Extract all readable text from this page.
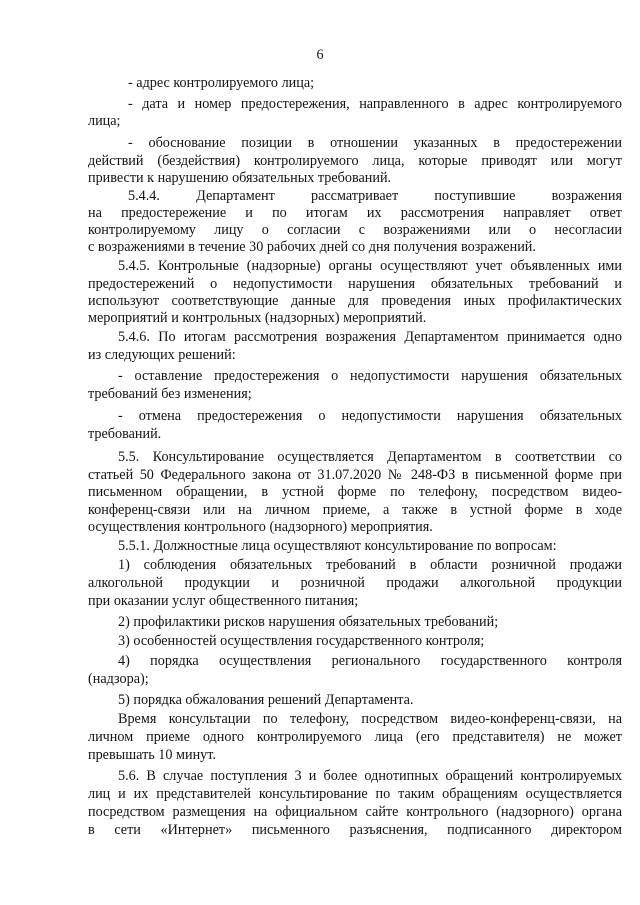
6
- адрес контролируемого лица;
- дата и номер предостережения, направленного в адрес контролируемого
лица;
- обоснование позиции в отношении указанных в предостережении
действий (бездействия) контролируемого лица, которые приводят или могут
привести к нарушению обязательных требований.
5.4.4. Департамент рассматривает поступившие возражения
на предостережение и по итогам их рассмотрения направляет ответ
контролируемому лицу о согласии с возражениями или о несогласии
с возражениями в течение 30 рабочих дней со дня получения возражений.
5.4.5. Контрольные (надзорные) органы осуществляют учет объявленных ими
предостережений о недопустимости нарушения обязательных требований и
используют соответствующие данные для проведения иных профилактических
мероприятий и контрольных (надзорных) мероприятий.
5.4.6. По итогам рассмотрения возражения Департаментом принимается одно
из следующих решений:
- оставление предостережения о недопустимости нарушения обязательных
требований без изменения;
- отмена предостережения о недопустимости нарушения обязательных
требований.
5.5. Консультирование осуществляется Департаментом в соответствии со
статьей 50 Федерального закона от 31.07.2020 № 248-ФЗ в письменной форме при
письменном обращении, в устной форме по телефону, посредством видео-
конференц-связи или на личном приеме, а также в устной форме в ходе
осуществления контрольного (надзорного) мероприятия.
5.5.1. Должностные лица осуществляют консультирование по вопросам:
1) соблюдения обязательных требований в области розничной продажи
алкогольной продукции и розничной продажи алкогольной продукции
при оказании услуг общественного питания;
2) профилактики рисков нарушения обязательных требований;
3) особенностей осуществления государственного контроля;
4) порядка осуществления регионального государственного контроля
(надзора);
5) порядка обжалования решений Департамента.
Время консультации по телефону, посредством видео-конференц-связи, на
личном приеме одного контролируемого лица (его представителя) не может
превышать 10 минут.
5.6. В случае поступления 3 и более однотипных обращений контролируемых
лиц и их представителей консультирование по таким обращениям осуществляется
посредством размещения на официальном сайте контрольного (надзорного) органа
в сети «Интернет» письменного разъяснения, подписанного директором
